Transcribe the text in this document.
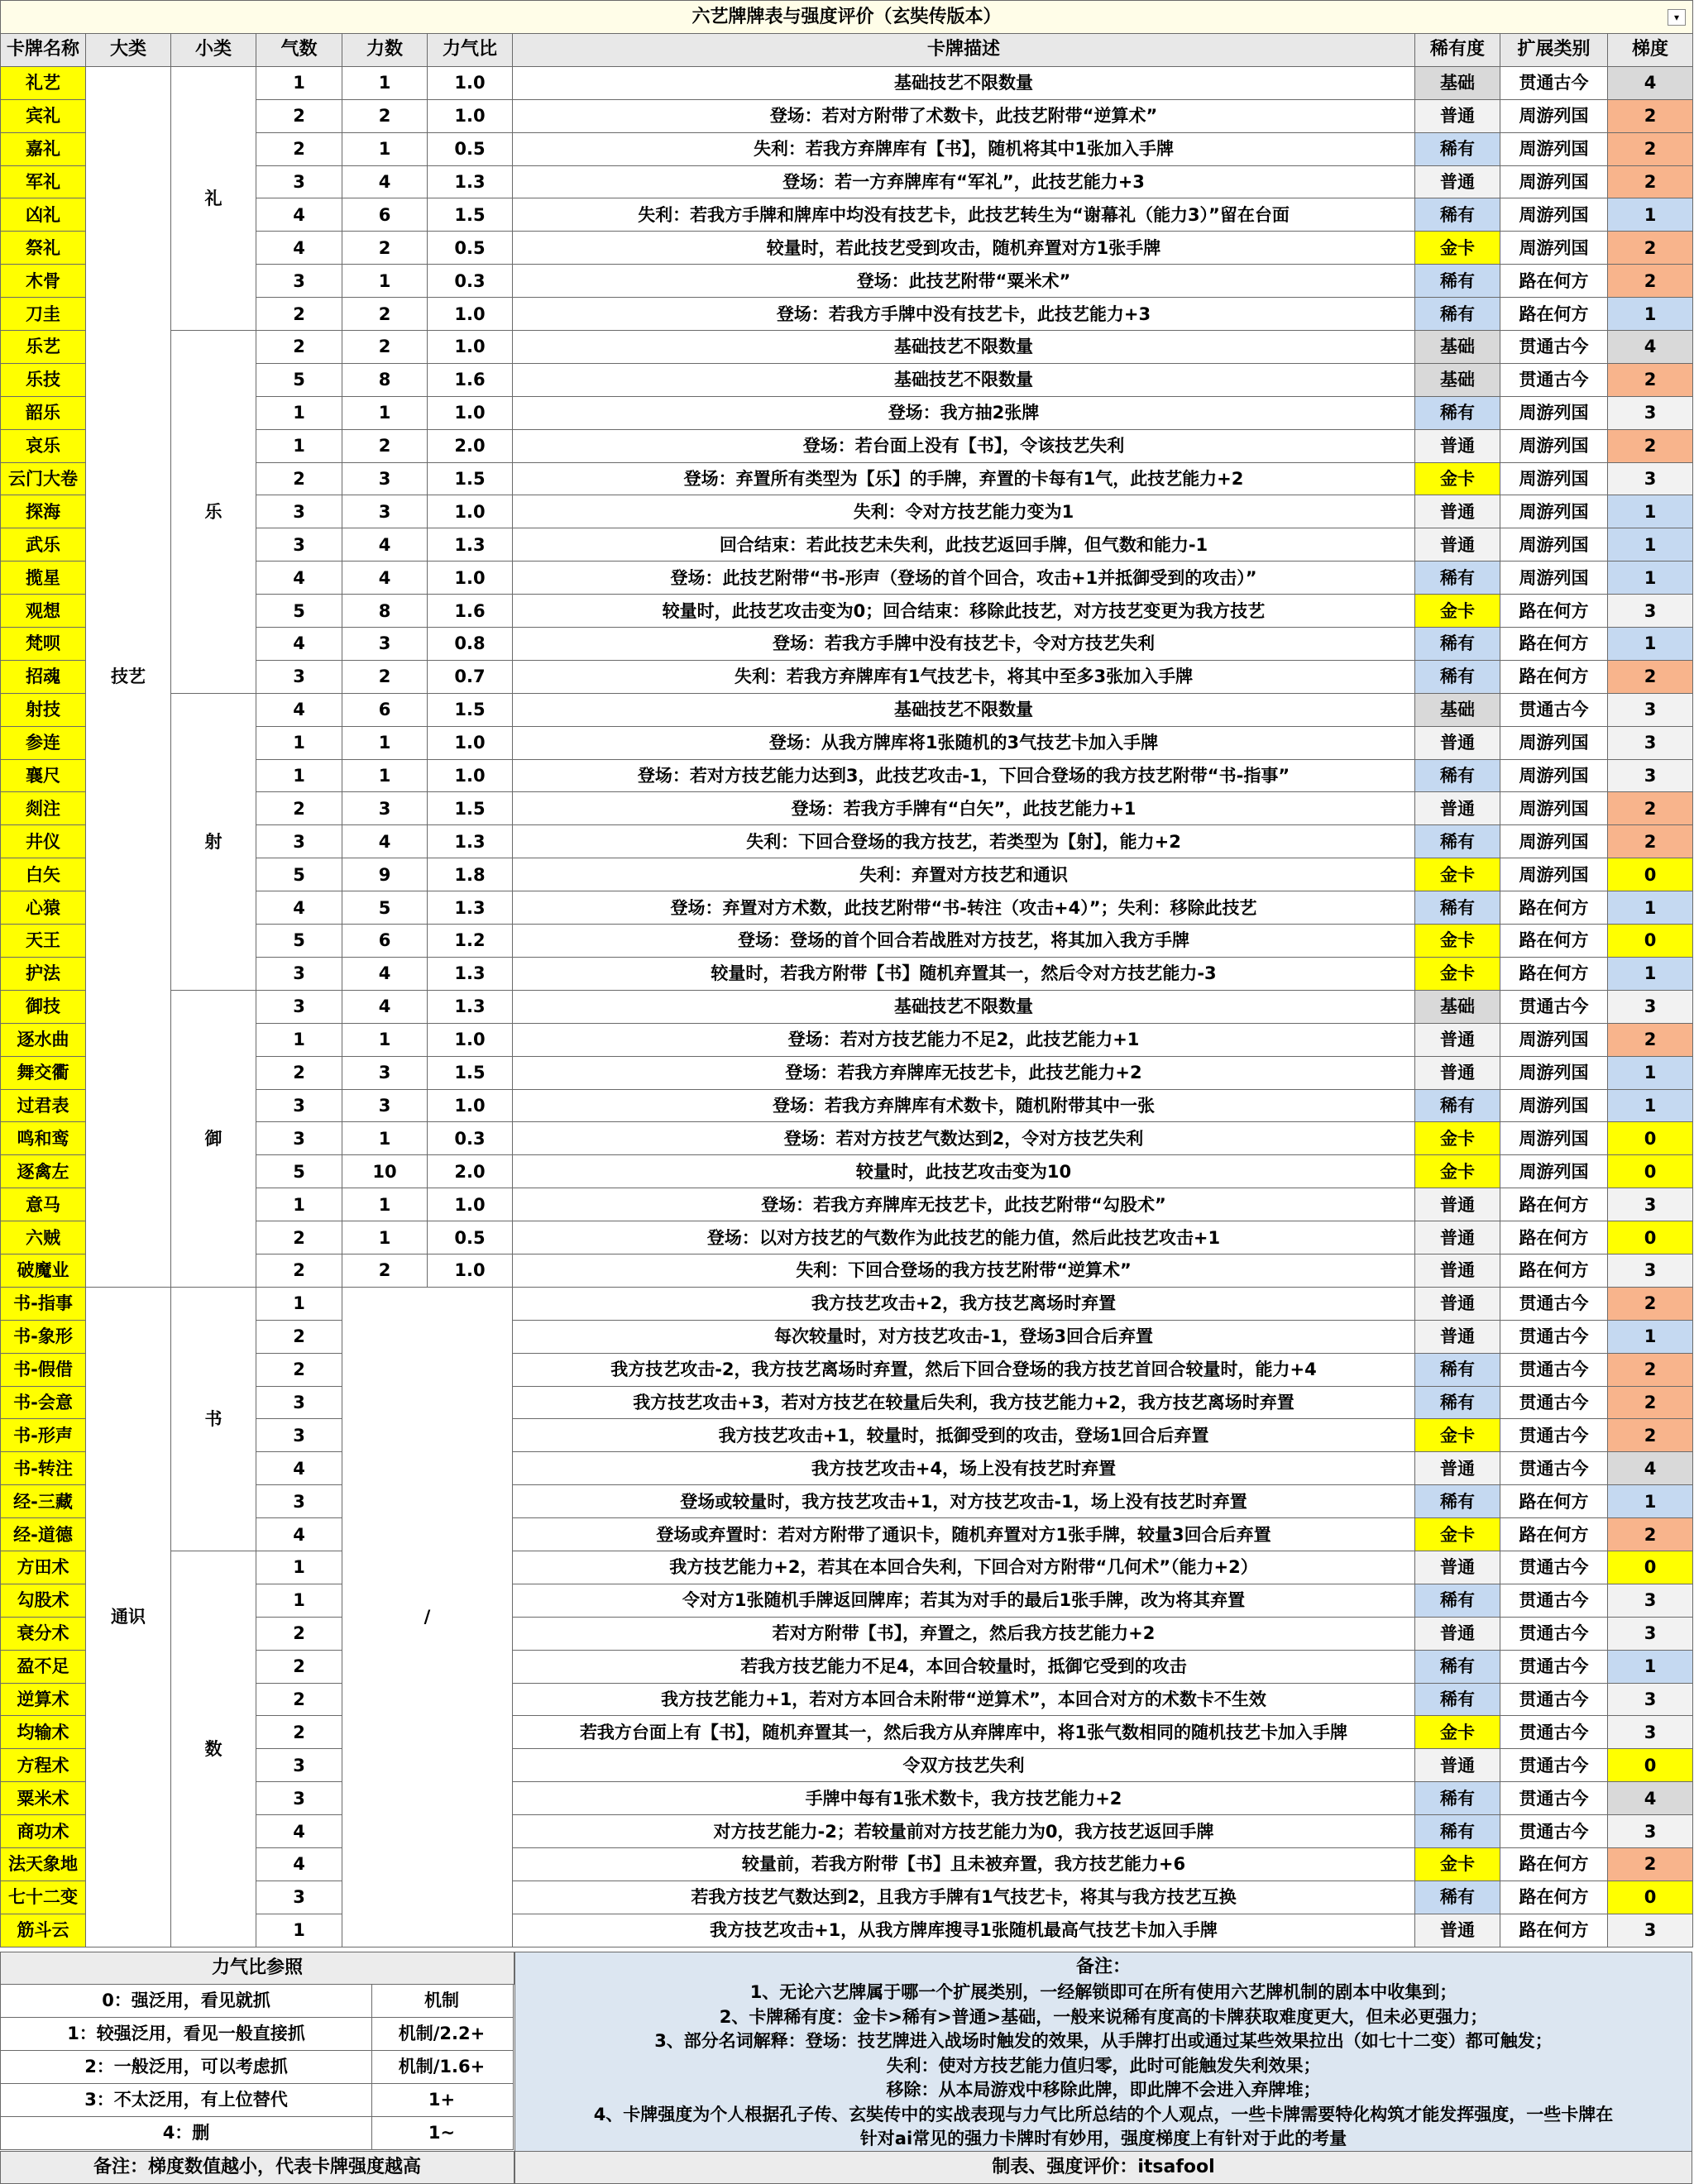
六艺牌牌表与强度评价（玄奘传版本） ▾									

卡牌名称	大类	小类	气数	力数	力气比	卡牌描述	稀有度	扩展类别	梯度
礼艺	技艺	礼	1	1	1.0	基础技艺不限数量	基础	贯通古今	4
宾礼			2	2	1.0	登场：若对方附带了术数卡，此技艺附带“逆算术”	普通	周游列国	2
嘉礼			2	1	0.5	失利：若我方弃牌库有【书】，随机将其中1张加入手牌	稀有	周游列国	2
军礼			3	4	1.3	登场：若一方弃牌库有“军礼”，此技艺能力+3	普通	周游列国	2
凶礼			4	6	1.5	失利：若我方手牌和牌库中均没有技艺卡，此技艺转生为“谢幕礼（能力3）”留在台面	稀有	周游列国	1
祭礼			4	2	0.5	较量时，若此技艺受到攻击，随机弃置对方1张手牌	金卡	周游列国	2
木骨			3	1	0.3	登场：此技艺附带“粟米术”	稀有	路在何方	2
刀圭			2	2	1.0	登场：若我方手牌中没有技艺卡，此技艺能力+3	稀有	路在何方	1
乐艺		乐	2	2	1.0	基础技艺不限数量	基础	贯通古今	4
乐技			5	8	1.6	基础技艺不限数量	基础	贯通古今	2
韶乐			1	1	1.0	登场：我方抽2张牌	稀有	周游列国	3
哀乐			1	2	2.0	登场：若台面上没有【书】，令该技艺失利	普通	周游列国	2
云门大卷			2	3	1.5	登场：弃置所有类型为【乐】的手牌，弃置的卡每有1气，此技艺能力+2	金卡	周游列国	3
探海			3	3	1.0	失利：令对方技艺能力变为1	普通	周游列国	1
武乐			3	4	1.3	回合结束：若此技艺未失利，此技艺返回手牌，但气数和能力-1	普通	周游列国	1
揽星			4	4	1.0	登场：此技艺附带“书-形声（登场的首个回合，攻击+1并抵御受到的攻击）”	稀有	周游列国	1
观想			5	8	1.6	较量时，此技艺攻击变为0；回合结束：移除此技艺，对方技艺变更为我方技艺	金卡	路在何方	3
梵呗			4	3	0.8	登场：若我方手牌中没有技艺卡，令对方技艺失利	稀有	路在何方	1
招魂			3	2	0.7	失利：若我方弃牌库有1气技艺卡，将其中至多3张加入手牌	稀有	路在何方	2
射技		射	4	6	1.5	基础技艺不限数量	基础	贯通古今	3
参连			1	1	1.0	登场：从我方牌库将1张随机的3气技艺卡加入手牌	普通	周游列国	3
襄尺			1	1	1.0	登场：若对方技艺能力达到3，此技艺攻击-1，下回合登场的我方技艺附带“书-指事”	稀有	周游列国	3
剡注			2	3	1.5	登场：若我方手牌有“白矢”，此技艺能力+1	普通	周游列国	2
井仪			3	4	1.3	失利：下回合登场的我方技艺，若类型为【射】，能力+2	稀有	周游列国	2
白矢			5	9	1.8	失利：弃置对方技艺和通识	金卡	周游列国	0
心猿			4	5	1.3	登场：弃置对方术数，此技艺附带“书-转注（攻击+4）”；失利：移除此技艺	稀有	路在何方	1
天王			5	6	1.2	登场：登场的首个回合若战胜对方技艺，将其加入我方手牌	金卡	路在何方	0
护法			3	4	1.3	较量时，若我方附带【书】随机弃置其一，然后令对方技艺能力-3	金卡	路在何方	1
御技		御	3	4	1.3	基础技艺不限数量	基础	贯通古今	3
逐水曲			1	1	1.0	登场：若对方技艺能力不足2，此技艺能力+1	普通	周游列国	2
舞交衢			2	3	1.5	登场：若我方弃牌库无技艺卡，此技艺能力+2	普通	周游列国	1
过君表			3	3	1.0	登场：若我方弃牌库有术数卡，随机附带其中一张	稀有	周游列国	1
鸣和鸾			3	1	0.3	登场：若对方技艺气数达到2，令对方技艺失利	金卡	周游列国	0
逐禽左			5	10	2.0	较量时，此技艺攻击变为10	金卡	周游列国	0
意马			1	1	1.0	登场：若我方弃牌库无技艺卡，此技艺附带“勾股术”	普通	路在何方	3
六贼			2	1	0.5	登场：以对方技艺的气数作为此技艺的能力值，然后此技艺攻击+1	普通	路在何方	0
破魔业			2	2	1.0	失利：下回合登场的我方技艺附带“逆算术”	普通	路在何方	3
书-指事	通识	书	1	/		我方技艺攻击+2，我方技艺离场时弃置	普通	贯通古今	2
书-象形			2			每次较量时，对方技艺攻击-1，登场3回合后弃置	普通	贯通古今	1
书-假借			2			我方技艺攻击-2，我方技艺离场时弃置，然后下回合登场的我方技艺首回合较量时，能力+4	稀有	贯通古今	2
书-会意			3			我方技艺攻击+3，若对方技艺在较量后失利，我方技艺能力+2，我方技艺离场时弃置	稀有	贯通古今	2
书-形声			3			我方技艺攻击+1，较量时，抵御受到的攻击，登场1回合后弃置	金卡	贯通古今	2
书-转注			4			我方技艺攻击+4，场上没有技艺时弃置	普通	贯通古今	4
经-三藏			3			登场或较量时，我方技艺攻击+1，对方技艺攻击-1，场上没有技艺时弃置	稀有	路在何方	1
经-道德			4			登场或弃置时：若对方附带了通识卡，随机弃置对方1张手牌，较量3回合后弃置	金卡	路在何方	2
方田术		数	1			我方技艺能力+2，若其在本回合失利，下回合对方附带“几何术”（能力+2）	普通	贯通古今	0
勾股术			1			令对方1张随机手牌返回牌库；若其为对手的最后1张手牌，改为将其弃置	稀有	贯通古今	3
衰分术			2			若对方附带【书】，弃置之，然后我方技艺能力+2	普通	贯通古今	3
盈不足			2			若我方技艺能力不足4，本回合较量时，抵御它受到的攻击	稀有	贯通古今	1
逆算术			2			我方技艺能力+1，若对方本回合未附带“逆算术”，本回合对方的术数卡不生效	稀有	贯通古今	3
均输术			2			若我方台面上有【书】，随机弃置其一，然后我方从弃牌库中，将1张气数相同的随机技艺卡加入手牌	金卡	贯通古今	3
方程术			3			令双方技艺失利	普通	贯通古今	0
粟米术			3			手牌中每有1张术数卡，我方技艺能力+2	稀有	贯通古今	4
商功术			4			对方技艺能力-2；若较量前对方技艺能力为0，我方技艺返回手牌	稀有	贯通古今	3
法天象地			4			较量前，若我方附带【书】且未被弃置，我方技艺能力+6	金卡	路在何方	2
七十二变			3			若我方技艺气数达到2，且我方手牌有1气技艺卡，将其与我方技艺互换	稀有	路在何方	0
筋斗云			1			我方技艺攻击+1，从我方牌库搜寻1张随机最高气技艺卡加入手牌	普通	路在何方	3
力气比参照
0：强泛用，看见就抓	机制
1：较强泛用，看见一般直接抓	机制/2.2+
2：一般泛用，可以考虑抓	机制/1.6+
3：不太泛用，有上位替代	1+
4：删	1~
备注：梯度数值越小，代表卡牌强度越高
备注：
1、无论六艺牌属于哪一个扩展类别，一经解锁即可在所有使用六艺牌机制的剧本中收集到；
2、卡牌稀有度：金卡>稀有>普通>基础，一般来说稀有度高的卡牌获取难度更大，但未必更强力；
3、部分名词解释：登场：技艺牌进入战场时触发的效果，从手牌打出或通过某些效果拉出（如七十二变）都可触发；
失利：使对方技艺能力值归零，此时可能触发失利效果；
移除：从本局游戏中移除此牌，即此牌不会进入弃牌堆；
4、卡牌强度为个人根据孔子传、玄奘传中的实战表现与力气比所总结的个人观点，一些卡牌需要特化构筑才能发挥强度，一些卡牌在
针对ai常见的强力卡牌时有妙用，强度梯度上有针对于此的考量
制表、强度评价：itsafool
